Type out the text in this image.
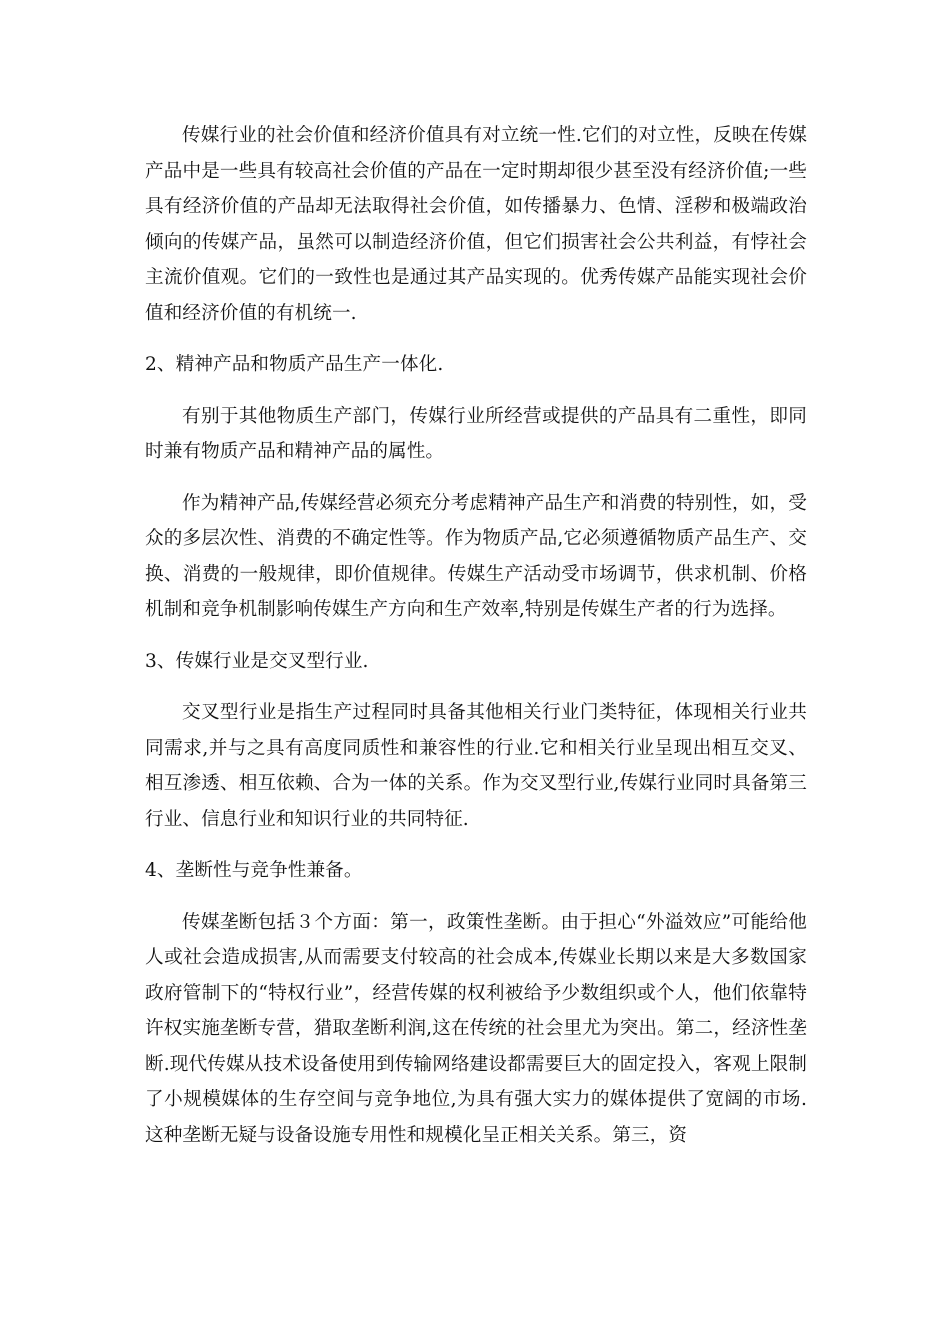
传媒行业的社会价值和经济价值具有对立统一性.它们的对立性，反映在传媒产品中是一些具有较高社会价值的产品在一定时期却很少甚至没有经济价值;一些具有经济价值的产品却无法取得社会价值，如传播暴力、色情、淫秽和极端政治倾向的传媒产品，虽然可以制造经济价值，但它们损害社会公共利益，有悖社会主流价值观。它们的一致性也是通过其产品实现的。优秀传媒产品能实现社会价值和经济价值的有机统一.

2、精神产品和物质产品生产一体化.

有别于其他物质生产部门，传媒行业所经营或提供的产品具有二重性，即同时兼有物质产品和精神产品的属性。

作为精神产品,传媒经营必须充分考虑精神产品生产和消费的特别性，如，受众的多层次性、消费的不确定性等。作为物质产品,它必须遵循物质产品生产、交换、消费的一般规律，即价值规律。传媒生产活动受市场调节，供求机制、价格机制和竞争机制影响传媒生产方向和生产效率,特别是传媒生产者的行为选择。

3、传媒行业是交叉型行业.

交叉型行业是指生产过程同时具备其他相关行业门类特征，体现相关行业共同需求,并与之具有高度同质性和兼容性的行业.它和相关行业呈现出相互交叉、相互渗透、相互依赖、合为一体的关系。作为交叉型行业,传媒行业同时具备第三行业、信息行业和知识行业的共同特征.

4、垄断性与竞争性兼备。

传媒垄断包括３个方面：第一，政策性垄断。由于担心“外溢效应”可能给他人或社会造成损害,从而需要支付较高的社会成本,传媒业长期以来是大多数国家政府管制下的“特权行业”，经营传媒的权利被给予少数组织或个人，他们依靠特许权实施垄断专营，猎取垄断利润,这在传统的社会里尤为突出。第二，经济性垄断.现代传媒从技术设备使用到传输网络建设都需要巨大的固定投入，客观上限制了小规模媒体的生存空间与竞争地位,为具有强大实力的媒体提供了宽阔的市场.这种垄断无疑与设备设施专用性和规模化呈正相关关系。第三，资
